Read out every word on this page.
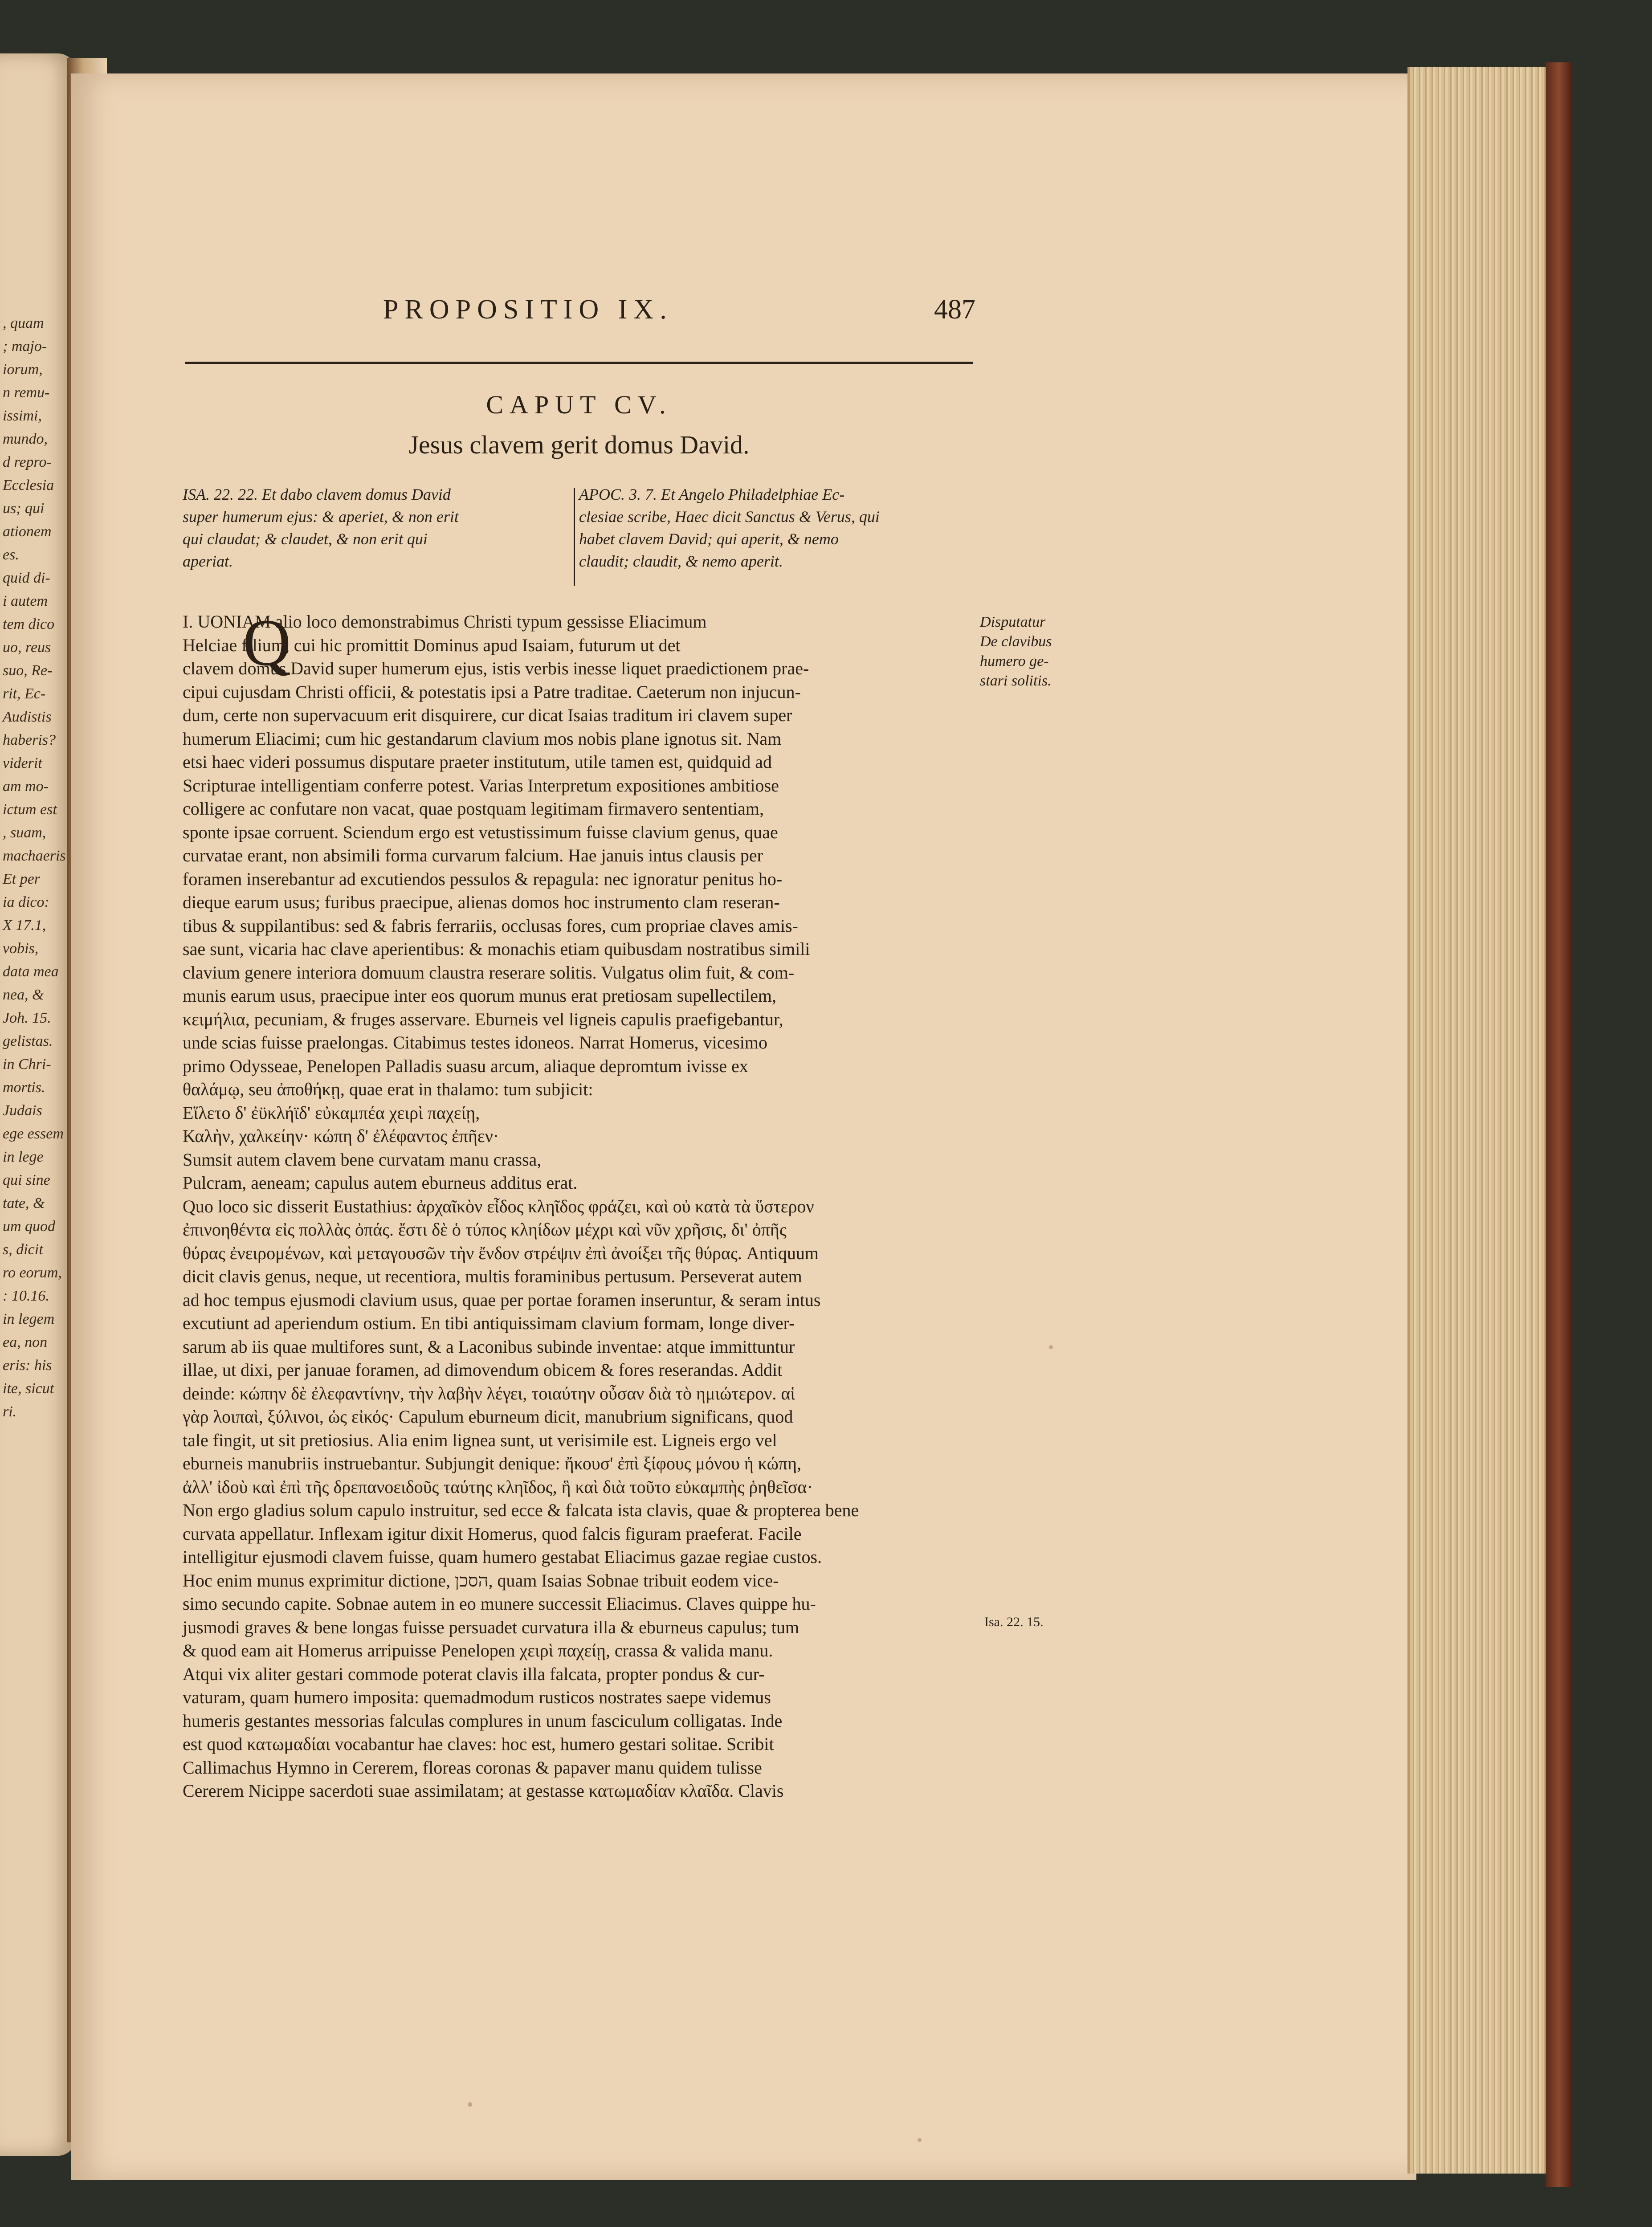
, quam
; majo-
iorum,
n remu-
issimi,
mundo,
d repro-
Ecclesia
us; qui
ationem
es.
quid di-
i autem
tem dico
uo, reus
suo, Re-
rit, Ec-
Audistis
haberis?
viderit
am mo-
ictum est
, suam,
machaeris
Et per
ia dico:
X 17.1,
vobis,
data mea
nea, &
Joh. 15.
gelistas.
in Chri-
mortis.
Judais
ege essem
in lege
qui sine
tate, &
um quod
s, dicit
ro eorum,
: 10.16.
in legem
ea, non
eris: his
ite, sicut
ri.
PROPOSITIO IX.	487
CAPUT CV.
Jesus clavem gerit domus David.
ISA. 22. 22. Et dabo clavem domus David
super humerum ejus: & aperiet, & non erit
qui claudat; & claudet, & non erit qui
aperiat.
APOC. 3. 7. Et Angelo Philadelphiae Ec-
clesiae scribe, Haec dicit Sanctus & Verus, qui
habet clavem David; qui aperit, & nemo
claudit; claudit, & nemo aperit.
Q
I. UONIAM alio loco demonstrabimus Christi typum gessisse Eliacimum
Helciae filium, cui hic promittit Dominus apud Isaiam, futurum ut det
clavem domus David super humerum ejus, istis verbis inesse liquet praedictionem prae-
cipui cujusdam Christi officii, & potestatis ipsi a Patre traditae. Caeterum non injucun-
dum, certe non supervacuum erit disquirere, cur dicat Isaias traditum iri clavem super
humerum Eliacimi; cum hic gestandarum clavium mos nobis plane ignotus sit. Nam
etsi haec videri possumus disputare praeter institutum, utile tamen est, quidquid ad
Scripturae intelligentiam conferre potest. Varias Interpretum expositiones ambitiose
colligere ac confutare non vacat, quae postquam legitimam firmavero sententiam,
sponte ipsae corruent. Sciendum ergo est vetustissimum fuisse clavium genus, quae
curvatae erant, non absimili forma curvarum falcium. Hae januis intus clausis per
foramen inserebantur ad excutiendos pessulos & repagula: nec ignoratur penitus ho-
dieque earum usus; furibus praecipue, alienas domos hoc instrumento clam reseran-
tibus & suppilantibus: sed & fabris ferrariis, occlusas fores, cum propriae claves amis-
sae sunt, vicaria hac clave aperientibus: & monachis etiam quibusdam nostratibus simili
clavium genere interiora domuum claustra reserare solitis. Vulgatus olim fuit, & com-
munis earum usus, praecipue inter eos quorum munus erat pretiosam supellectilem,
κειμήλια, pecuniam, & fruges asservare. Eburneis vel ligneis capulis praefigebantur,
unde scias fuisse praelongas. Citabimus testes idoneos. Narrat Homerus, vicesimo
primo Odysseae, Penelopen Palladis suasu arcum, aliaque depromtum ivisse ex
θαλάμῳ, seu ἀποθήκῃ, quae erat in thalamo: tum subjicit:
Εἵλετο δ' ἐϋκλήϊδ' εὐκαμπέα χειρὶ παχείῃ,
Καλὴν, χαλκείην· κώπη δ' ἐλέφαντος ἐπῆεν·
Sumsit autem clavem bene curvatam manu crassa,
Pulcram, aeneam; capulus autem eburneus additus erat.
Quo loco sic disserit Eustathius: ἀρχαῖκὸν εἶδος κληῖδος φράζει, καὶ οὐ κατὰ τὰ ὕστερον
ἐπινοηθέντα εἰς πολλὰς ὀπάς. ἔστι δὲ ὁ τύπος κληίδων μέχρι καὶ νῦν χρῆσις, δι' ὀπῆς
θύρας ἐνειρομένων, καὶ μεταγουσῶν τὴν ἔνδον στρέψιν ἐπὶ ἀνοίξει τῆς θύρας. Antiquum
dicit clavis genus, neque, ut recentiora, multis foraminibus pertusum. Perseverat autem
ad hoc tempus ejusmodi clavium usus, quae per portae foramen inseruntur, & seram intus
excutiunt ad aperiendum ostium. En tibi antiquissimam clavium formam, longe diver-
sarum ab iis quae multifores sunt, & a Laconibus subinde inventae: atque immittuntur
illae, ut dixi, per januae foramen, ad dimovendum obicem & fores reserandas. Addit
deinde: κώπην δὲ ἐλεφαντίνην, τὴν λαβὴν λέγει, τοιαύτην οὖσαν διὰ τὸ ημιώτερον. αἱ
γὰρ λοιπαὶ, ξύλινοι, ὡς εἰκός· Capulum eburneum dicit, manubrium significans, quod
tale fingit, ut sit pretiosius. Alia enim lignea sunt, ut verisimile est. Ligneis ergo vel
eburneis manubriis instruebantur. Subjungit denique: ἤκουσ' ἐπὶ ξίφους μόνου ἡ κώπη,
ἀλλ' ἰδοὺ καὶ ἐπὶ τῆς δρεπανοειδοῦς ταύτης κληῖδος, ἣ καὶ διὰ τοῦτο εὐκαμπὴς ῥηθεῖσα·
Non ergo gladius solum capulo instruitur, sed ecce & falcata ista clavis, quae & propterea bene
curvata appellatur. Inflexam igitur dixit Homerus, quod falcis figuram praeferat. Facile
intelligitur ejusmodi clavem fuisse, quam humero gestabat Eliacimus gazae regiae custos.
Hoc enim munus exprimitur dictione, הסכן, quam Isaias Sobnae tribuit eodem vice-
simo secundo capite. Sobnae autem in eo munere successit Eliacimus. Claves quippe hu-
jusmodi graves & bene longas fuisse persuadet curvatura illa & eburneus capulus; tum
& quod eam ait Homerus arripuisse Penelopen χειρὶ παχείῃ, crassa & valida manu.
Atqui vix aliter gestari commode poterat clavis illa falcata, propter pondus & cur-
vaturam, quam humero imposita: quemadmodum rusticos nostrates saepe videmus
humeris gestantes messorias falculas complures in unum fasciculum colligatas. Inde
est quod κατωμαδίαι vocabantur hae claves: hoc est, humero gestari solitae. Scribit
Callimachus Hymno in Cererem, floreas coronas & papaver manu quidem tulisse
Cererem Nicippe sacerdoti suae assimilatam; at gestasse κατωμαδίαν κλαῖδα. Clavis
Disputatur
De clavibus
humero ge-
stari solitis.
Isa. 22. 15.
